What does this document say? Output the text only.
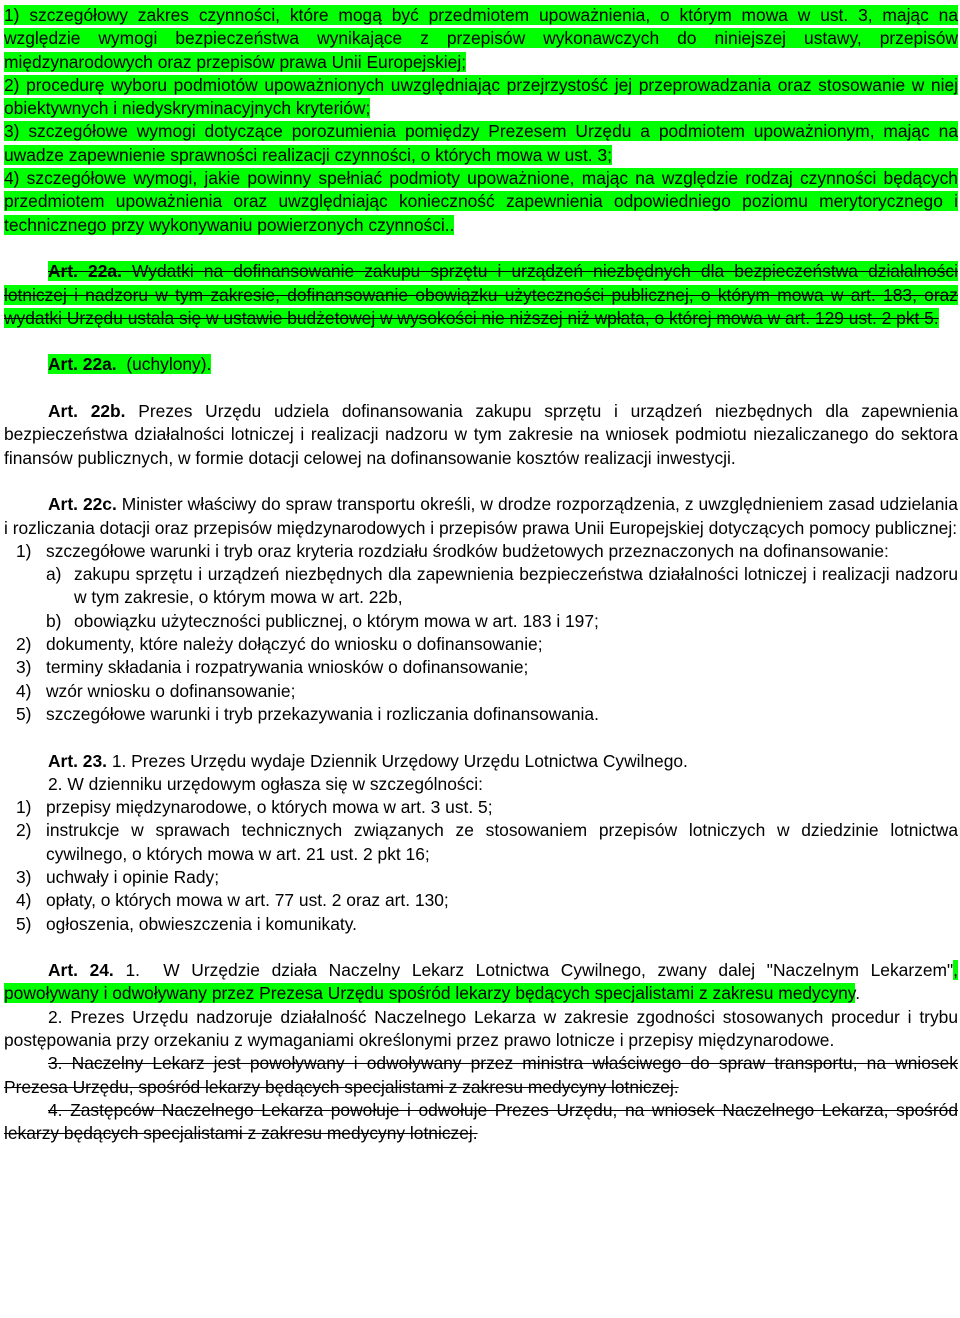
1) szczegółowy zakres czynności, które mogą być przedmiotem upoważnienia, o którym mowa w ust. 3, mając na względzie wymogi bezpieczeństwa wynikające z przepisów wykonawczych do niniejszej ustawy, przepisów międzynarodowych oraz przepisów prawa Unii Europejskiej;
2) procedurę wyboru podmiotów upoważnionych uwzględniając przejrzystość jej przeprowadzania oraz stosowanie w niej obiektywnych i niedyskryminacyjnych kryteriów;
3) szczegółowe wymogi dotyczące porozumienia pomiędzy Prezesem Urzędu a podmiotem upoważnionym, mając na uwadze zapewnienie sprawności realizacji czynności, o których mowa w ust. 3;
4) szczegółowe wymogi, jakie powinny spełniać podmioty upoważnione, mając na względzie rodzaj czynności będących przedmiotem upoważnienia oraz uwzględniając konieczność zapewnienia odpowiedniego poziomu merytorycznego i technicznego przy wykonywaniu powierzonych czynności..

Art. 22a. Wydatki na dofinansowanie zakupu sprzętu i urządzeń niezbędnych dla bezpieczeństwa działalności lotniczej i nadzoru w tym zakresie, dofinansowanie obowiązku użyteczności publicznej, o którym mowa w art. 183, oraz wydatki Urzędu ustala się w ustawie budżetowej w wysokości nie niższej niż wpłata, o której mowa w art. 129 ust. 2 pkt 5.

Art. 22a. (uchylony).

Art. 22b. Prezes Urzędu udziela dofinansowania zakupu sprzętu i urządzeń niezbędnych dla zapewnienia bezpieczeństwa działalności lotniczej i realizacji nadzoru w tym zakresie na wniosek podmiotu niezaliczanego do sektora finansów publicznych, w formie dotacji celowej na dofinansowanie kosztów realizacji inwestycji.

Art. 22c. Minister właściwy do spraw transportu określi, w drodze rozporządzenia, z uwzględnieniem zasad udzielania i rozliczania dotacji oraz przepisów międzynarodowych i przepisów prawa Unii Europejskiej dotyczących pomocy publicznej:

1) szczegółowe warunki i tryb oraz kryteria rozdziału środków budżetowych przeznaczonych na dofinansowanie:
a) zakupu sprzętu i urządzeń niezbędnych dla zapewnienia bezpieczeństwa działalności lotniczej i realizacji nadzoru w tym zakresie, o którym mowa w art. 22b,
b) obowiązku użyteczności publicznej, o którym mowa w art. 183 i 197;
2) dokumenty, które należy dołączyć do wniosku o dofinansowanie;
3) terminy składania i rozpatrywania wniosków o dofinansowanie;
4) wzór wniosku o dofinansowanie;
5) szczegółowe warunki i tryb przekazywania i rozliczania dofinansowania.

Art. 23. 1. Prezes Urzędu wydaje Dziennik Urzędowy Urzędu Lotnictwa Cywilnego.

2. W dzienniku urzędowym ogłasza się w szczególności:

1) przepisy międzynarodowe, o których mowa w art. 3 ust. 5;
2) instrukcje w sprawach technicznych związanych ze stosowaniem przepisów lotniczych w dziedzinie lotnictwa cywilnego, o których mowa w art. 21 ust. 2 pkt 16;
3) uchwały i opinie Rady;
4) opłaty, o których mowa w art. 77 ust. 2 oraz art. 130;
5) ogłoszenia, obwieszczenia i komunikaty.

Art. 24. 1. W Urzędzie działa Naczelny Lekarz Lotnictwa Cywilnego, zwany dalej "Naczelnym Lekarzem", powoływany i odwoływany przez Prezesa Urzędu spośród lekarzy będących specjalistami z zakresu medycyny.

2. Prezes Urzędu nadzoruje działalność Naczelnego Lekarza w zakresie zgodności stosowanych procedur i trybu postępowania przy orzekaniu z wymaganiami określonymi przez prawo lotnicze i przepisy międzynarodowe.

3. Naczelny Lekarz jest powoływany i odwoływany przez ministra właściwego do spraw transportu, na wniosek Prezesa Urzędu, spośród lekarzy będących specjalistami z zakresu medycyny lotniczej.

4. Zastępców Naczelnego Lekarza powołuje i odwołuje Prezes Urzędu, na wniosek Naczelnego Lekarza, spośród lekarzy będących specjalistami z zakresu medycyny lotniczej.
